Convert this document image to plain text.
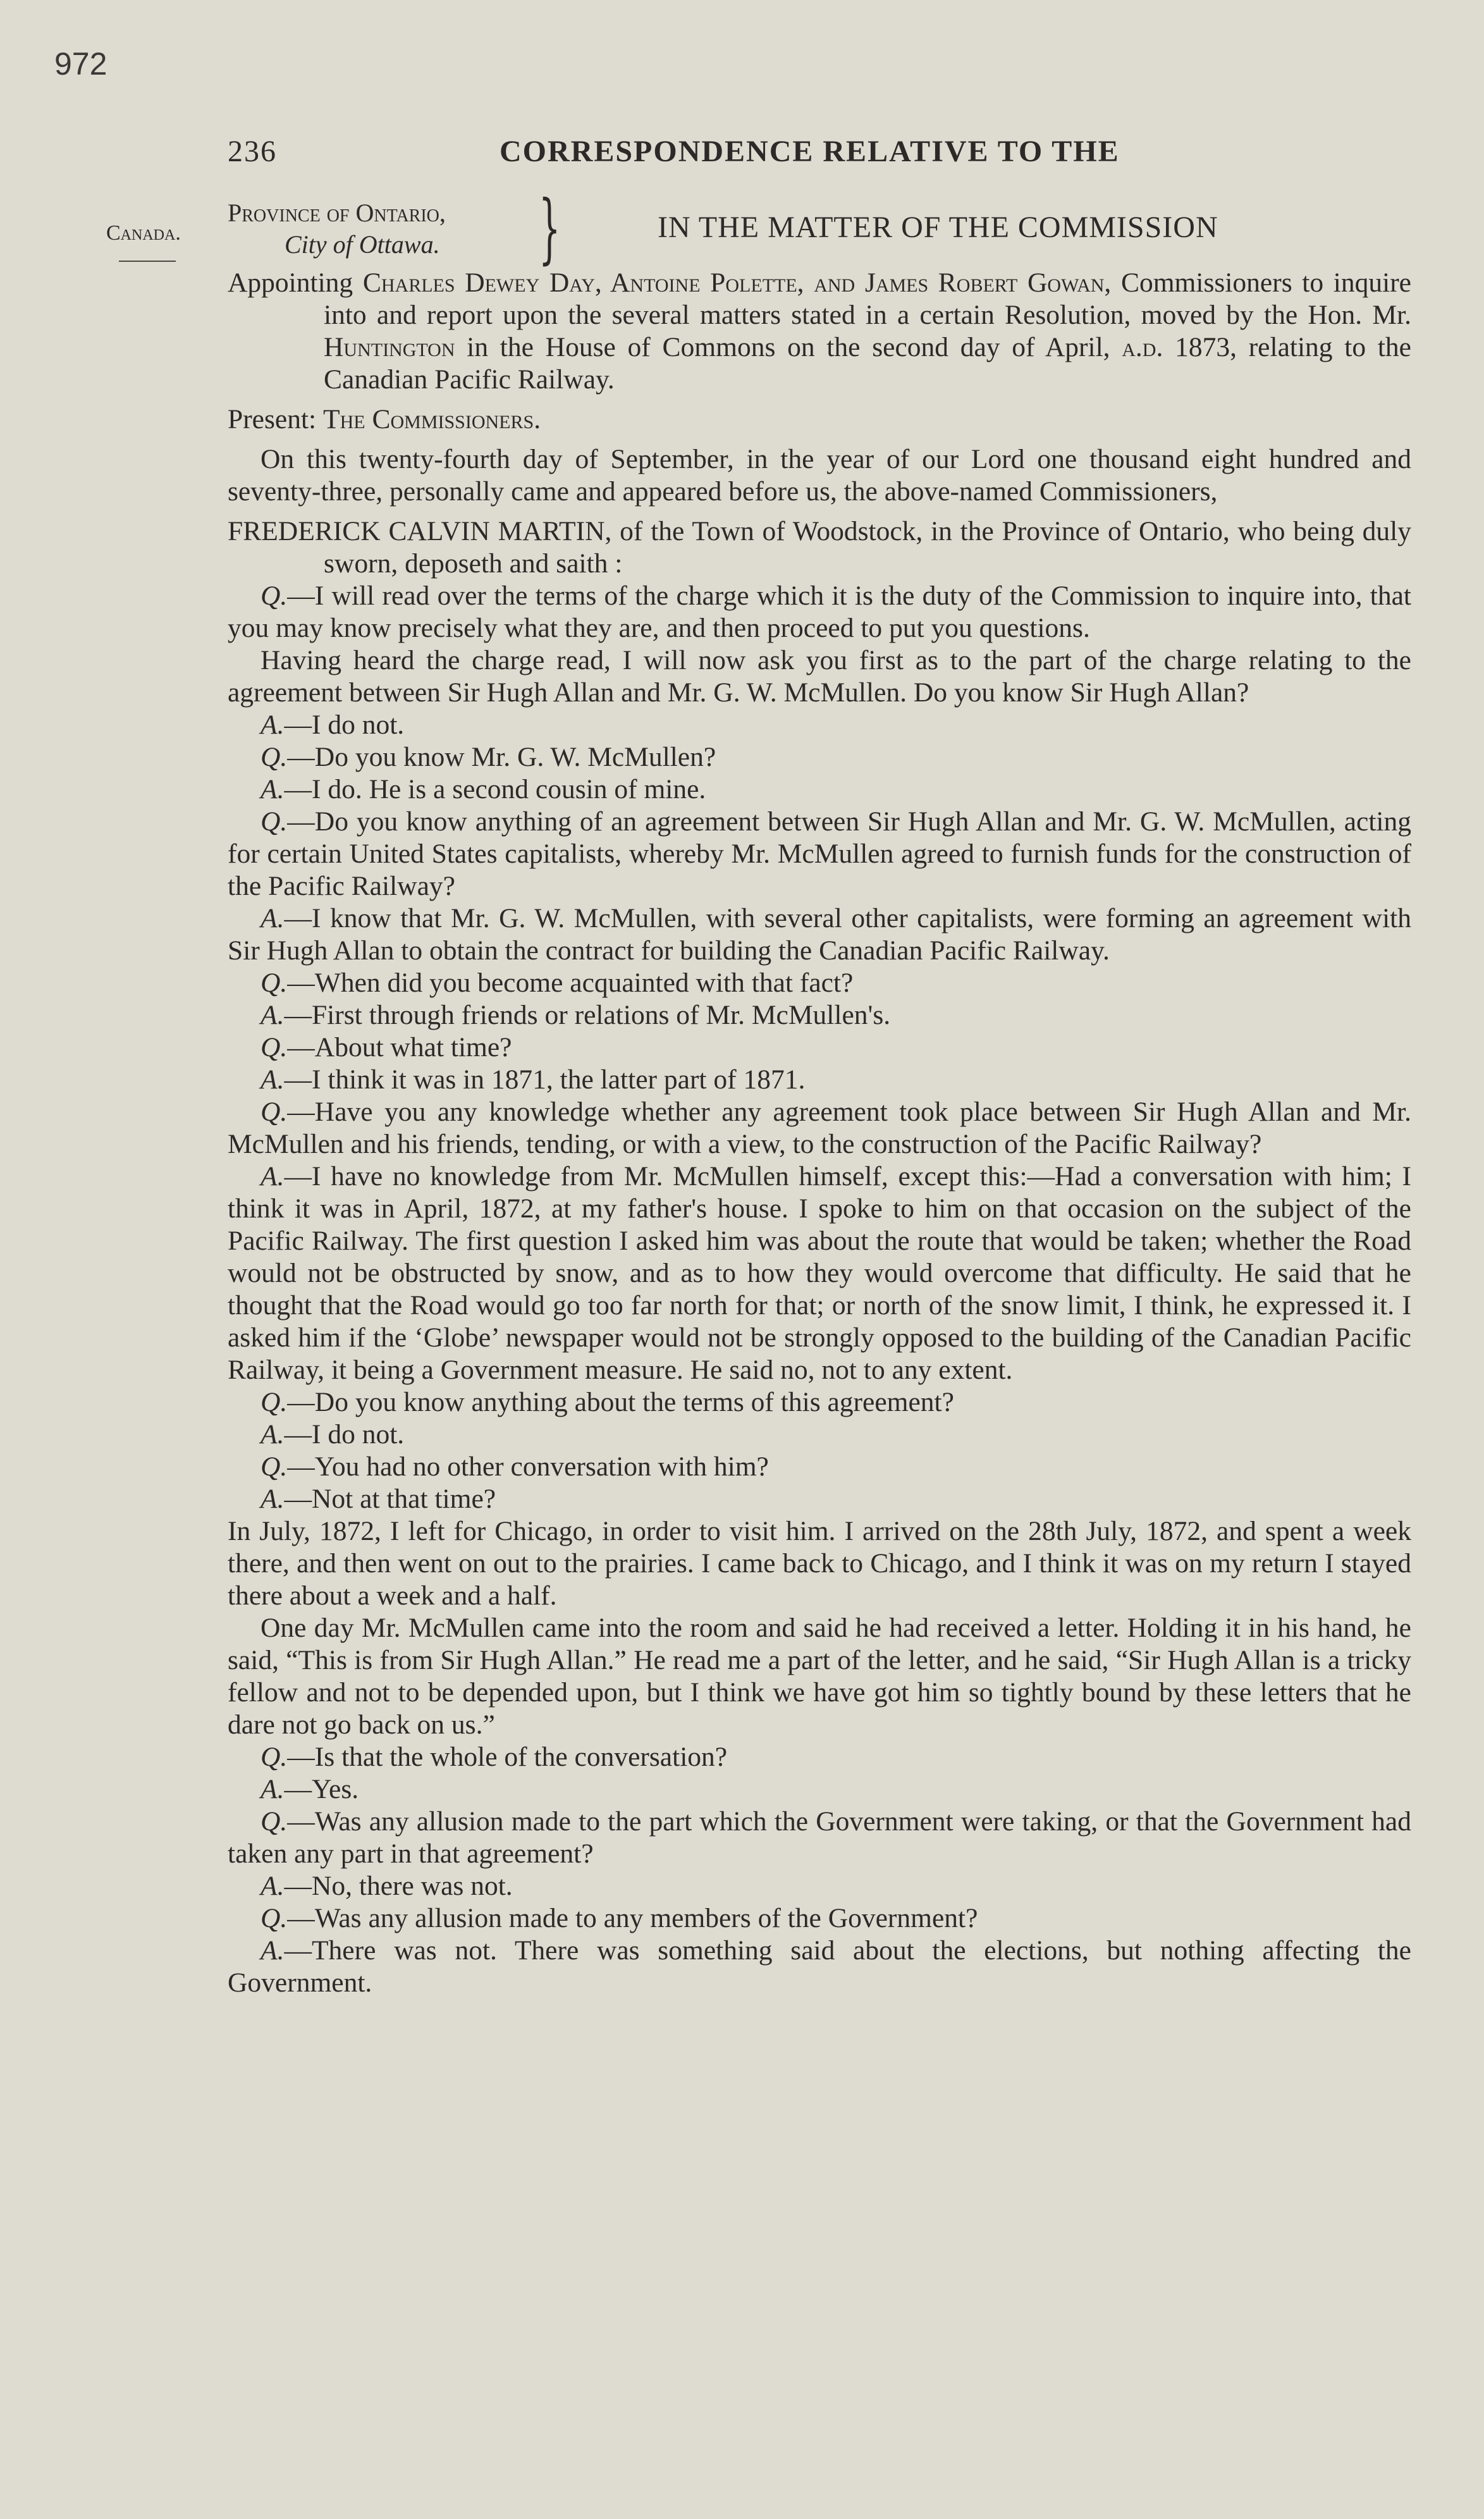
972
236	CORRESPONDENCE RELATIVE TO THE
Canada.
Province of Ontario,
City of Ottawa.	}	IN THE MATTER OF THE COMMISSION

Appointing Charles Dewey Day, Antoine Polette, and James Robert Gowan, Commissioners to inquire into and report upon the several matters stated in a certain Resolution, moved by the Hon. Mr. Huntington in the House of Commons on the second day of April, a.d. 1873, relating to the Canadian Pacific Railway.

Present: The Commissioners.

On this twenty-fourth day of September, in the year of our Lord one thousand eight hundred and seventy-three, personally came and appeared before us, the above-named Commissioners,

FREDERICK CALVIN MARTIN, of the Town of Woodstock, in the Province of Ontario, who being duly sworn, deposeth and saith :

Q.—I will read over the terms of the charge which it is the duty of the Commission to inquire into, that you may know precisely what they are, and then proceed to put you questions.

Having heard the charge read, I will now ask you first as to the part of the charge relating to the agreement between Sir Hugh Allan and Mr. G. W. McMullen. Do you know Sir Hugh Allan?

A.—I do not.

Q.—Do you know Mr. G. W. McMullen?

A.—I do. He is a second cousin of mine.

Q.—Do you know anything of an agreement between Sir Hugh Allan and Mr. G. W. McMullen, acting for certain United States capitalists, whereby Mr. McMullen agreed to furnish funds for the construction of the Pacific Railway?

A.—I know that Mr. G. W. McMullen, with several other capitalists, were forming an agreement with Sir Hugh Allan to obtain the contract for building the Canadian Pacific Railway.

Q.—When did you become acquainted with that fact?

A.—First through friends or relations of Mr. McMullen's.

Q.—About what time?

A.—I think it was in 1871, the latter part of 1871.

Q.—Have you any knowledge whether any agreement took place between Sir Hugh Allan and Mr. McMullen and his friends, tending, or with a view, to the construction of the Pacific Railway?

A.—I have no knowledge from Mr. McMullen himself, except this:—Had a conversation with him; I think it was in April, 1872, at my father's house. I spoke to him on that occasion on the subject of the Pacific Railway. The first question I asked him was about the route that would be taken; whether the Road would not be obstructed by snow, and as to how they would overcome that difficulty. He said that he thought that the Road would go too far north for that; or north of the snow limit, I think, he expressed it. I asked him if the ‘Globe’ newspaper would not be strongly opposed to the building of the Canadian Pacific Railway, it being a Government measure. He said no, not to any extent.

Q.—Do you know anything about the terms of this agreement?

A.—I do not.

Q.—You had no other conversation with him?

A.—Not at that time?

In July, 1872, I left for Chicago, in order to visit him. I arrived on the 28th July, 1872, and spent a week there, and then went on out to the prairies. I came back to Chicago, and I think it was on my return I stayed there about a week and a half.

One day Mr. McMullen came into the room and said he had received a letter. Holding it in his hand, he said, “This is from Sir Hugh Allan.” He read me a part of the letter, and he said, “Sir Hugh Allan is a tricky fellow and not to be depended upon, but I think we have got him so tightly bound by these letters that he dare not go back on us.”

Q.—Is that the whole of the conversation?

A.—Yes.

Q.—Was any allusion made to the part which the Government were taking, or that the Government had taken any part in that agreement?

A.—No, there was not.

Q.—Was any allusion made to any members of the Government?

A.—There was not. There was something said about the elections, but nothing affecting the Government.
